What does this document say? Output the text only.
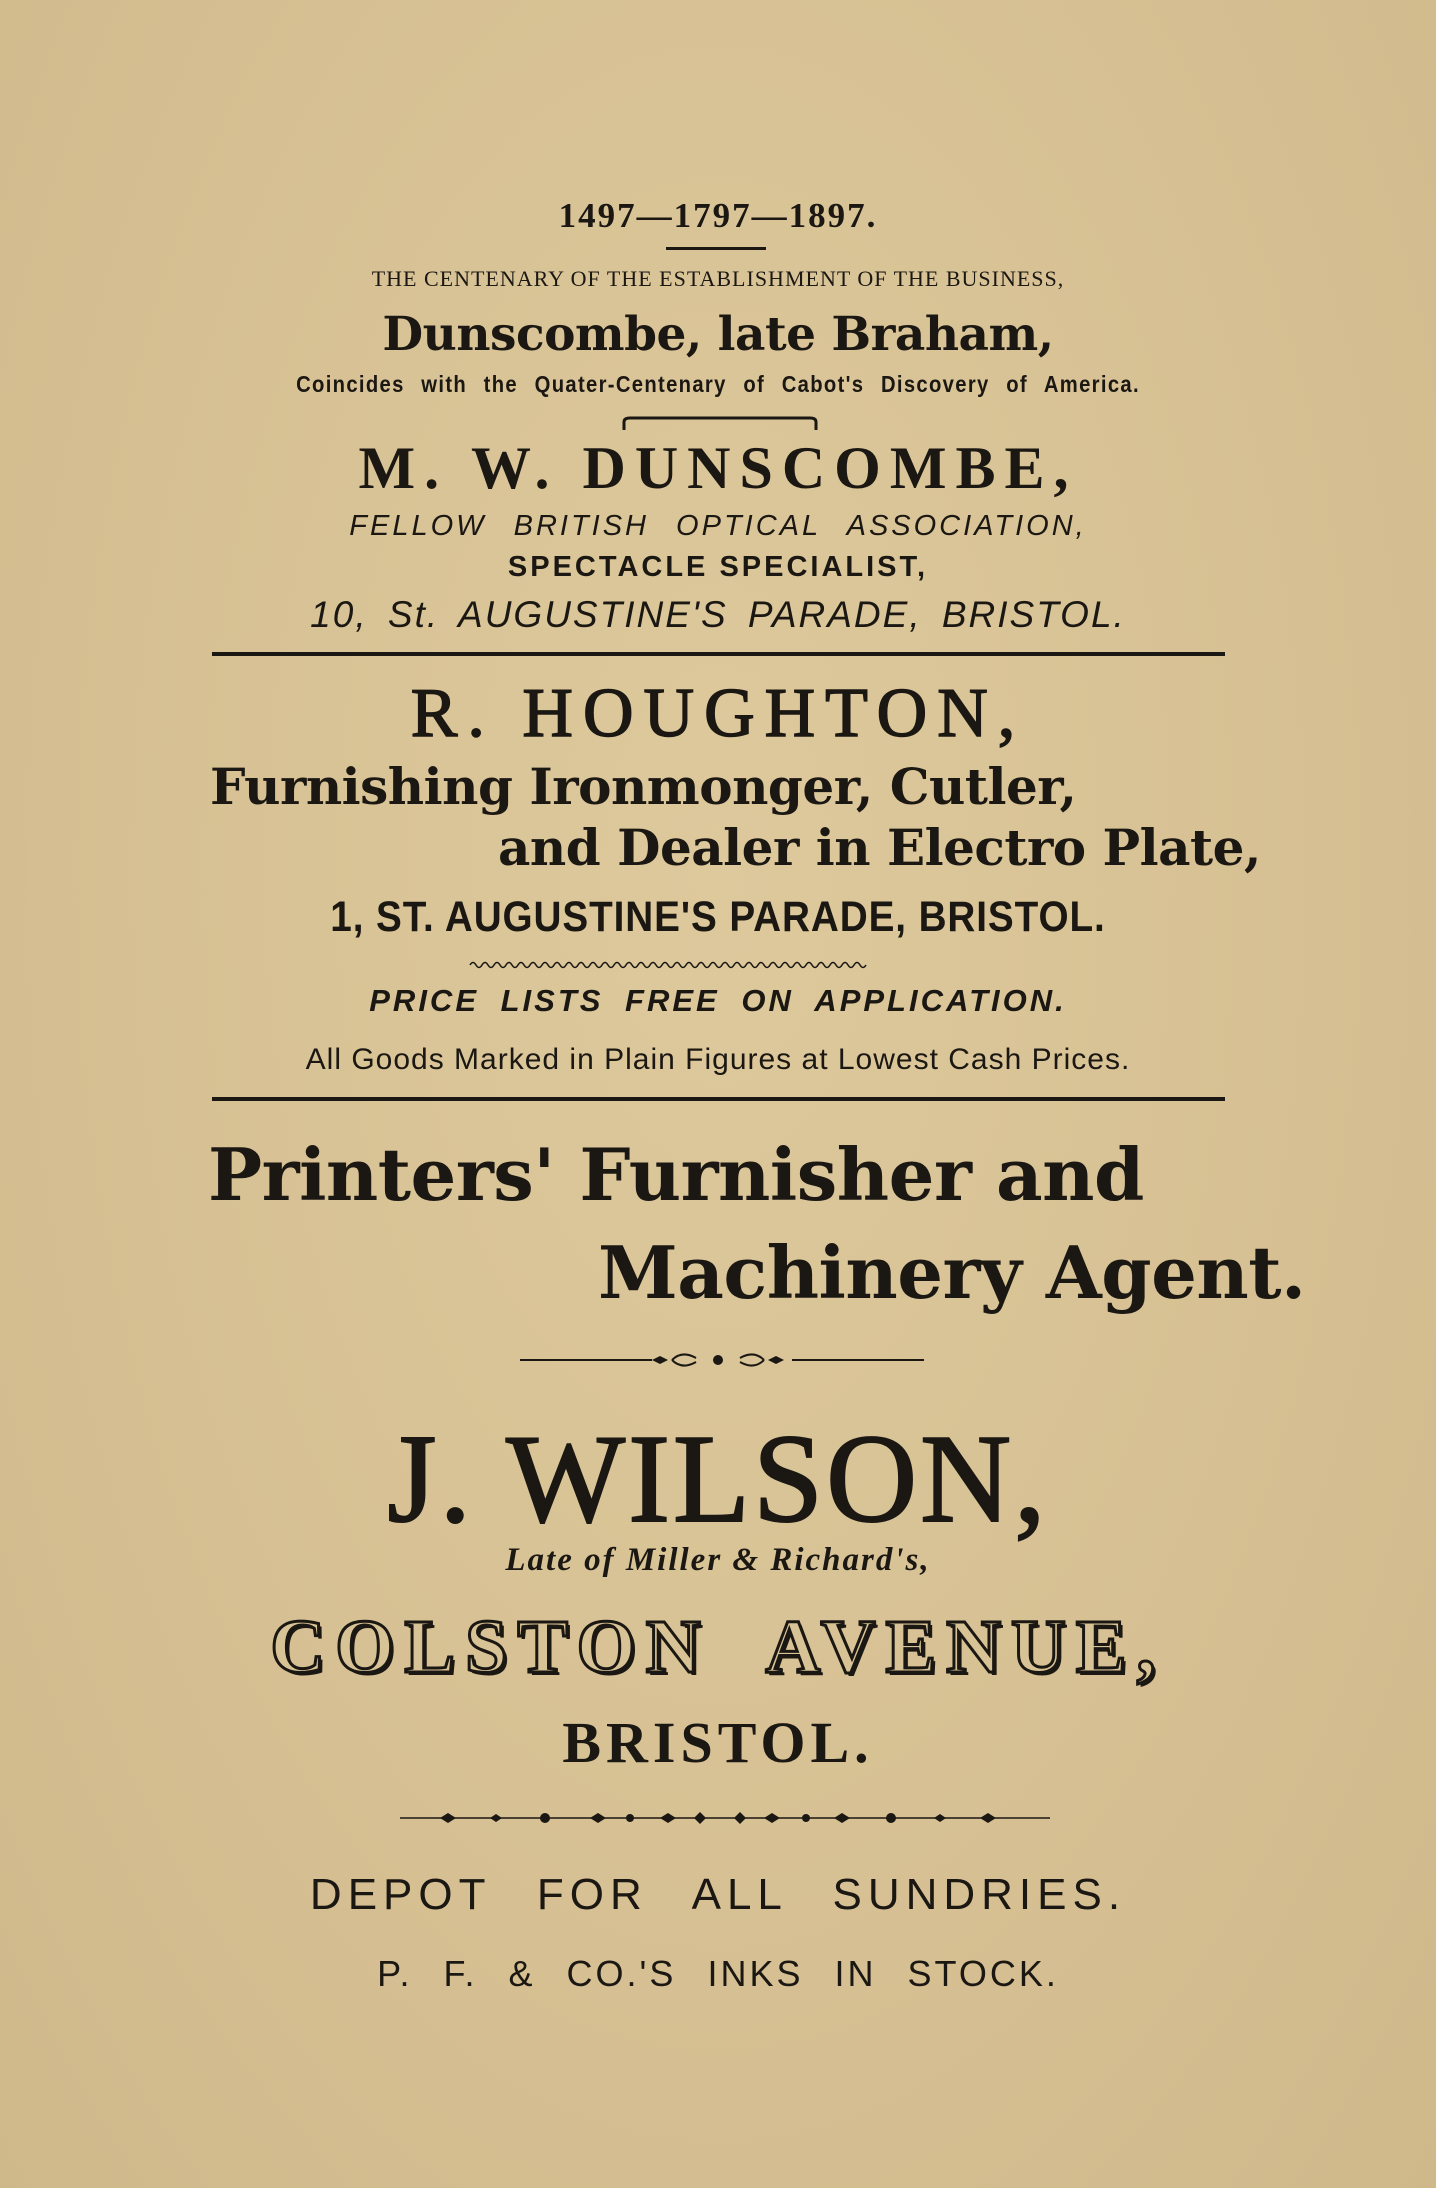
1497—1797—1897.
THE CENTENARY OF THE ESTABLISHMENT OF THE BUSINESS,
Dunscombe, late Braham,
Coincides with the Quater-Centenary of Cabot's Discovery of America.
M. W. DUNSCOMBE,
FELLOW BRITISH OPTICAL ASSOCIATION,
SPECTACLE SPECIALIST,
10, St. AUGUSTINE'S PARADE, BRISTOL.
R. HOUGHTON,
Furnishing Ironmonger, Cutler,
and Dealer in Electro Plate,
1, ST. AUGUSTINE'S PARADE, BRISTOL.
PRICE LISTS FREE ON APPLICATION.
All Goods Marked in Plain Figures at Lowest Cash Prices.
Printers' Furnisher and
Machinery Agent.
J. WILSON,
Late of Miller & Richard's,
COLSTON AVENUE,
BRISTOL.
DEPOT FOR ALL SUNDRIES.
P. F. & CO.'S INKS IN STOCK.
